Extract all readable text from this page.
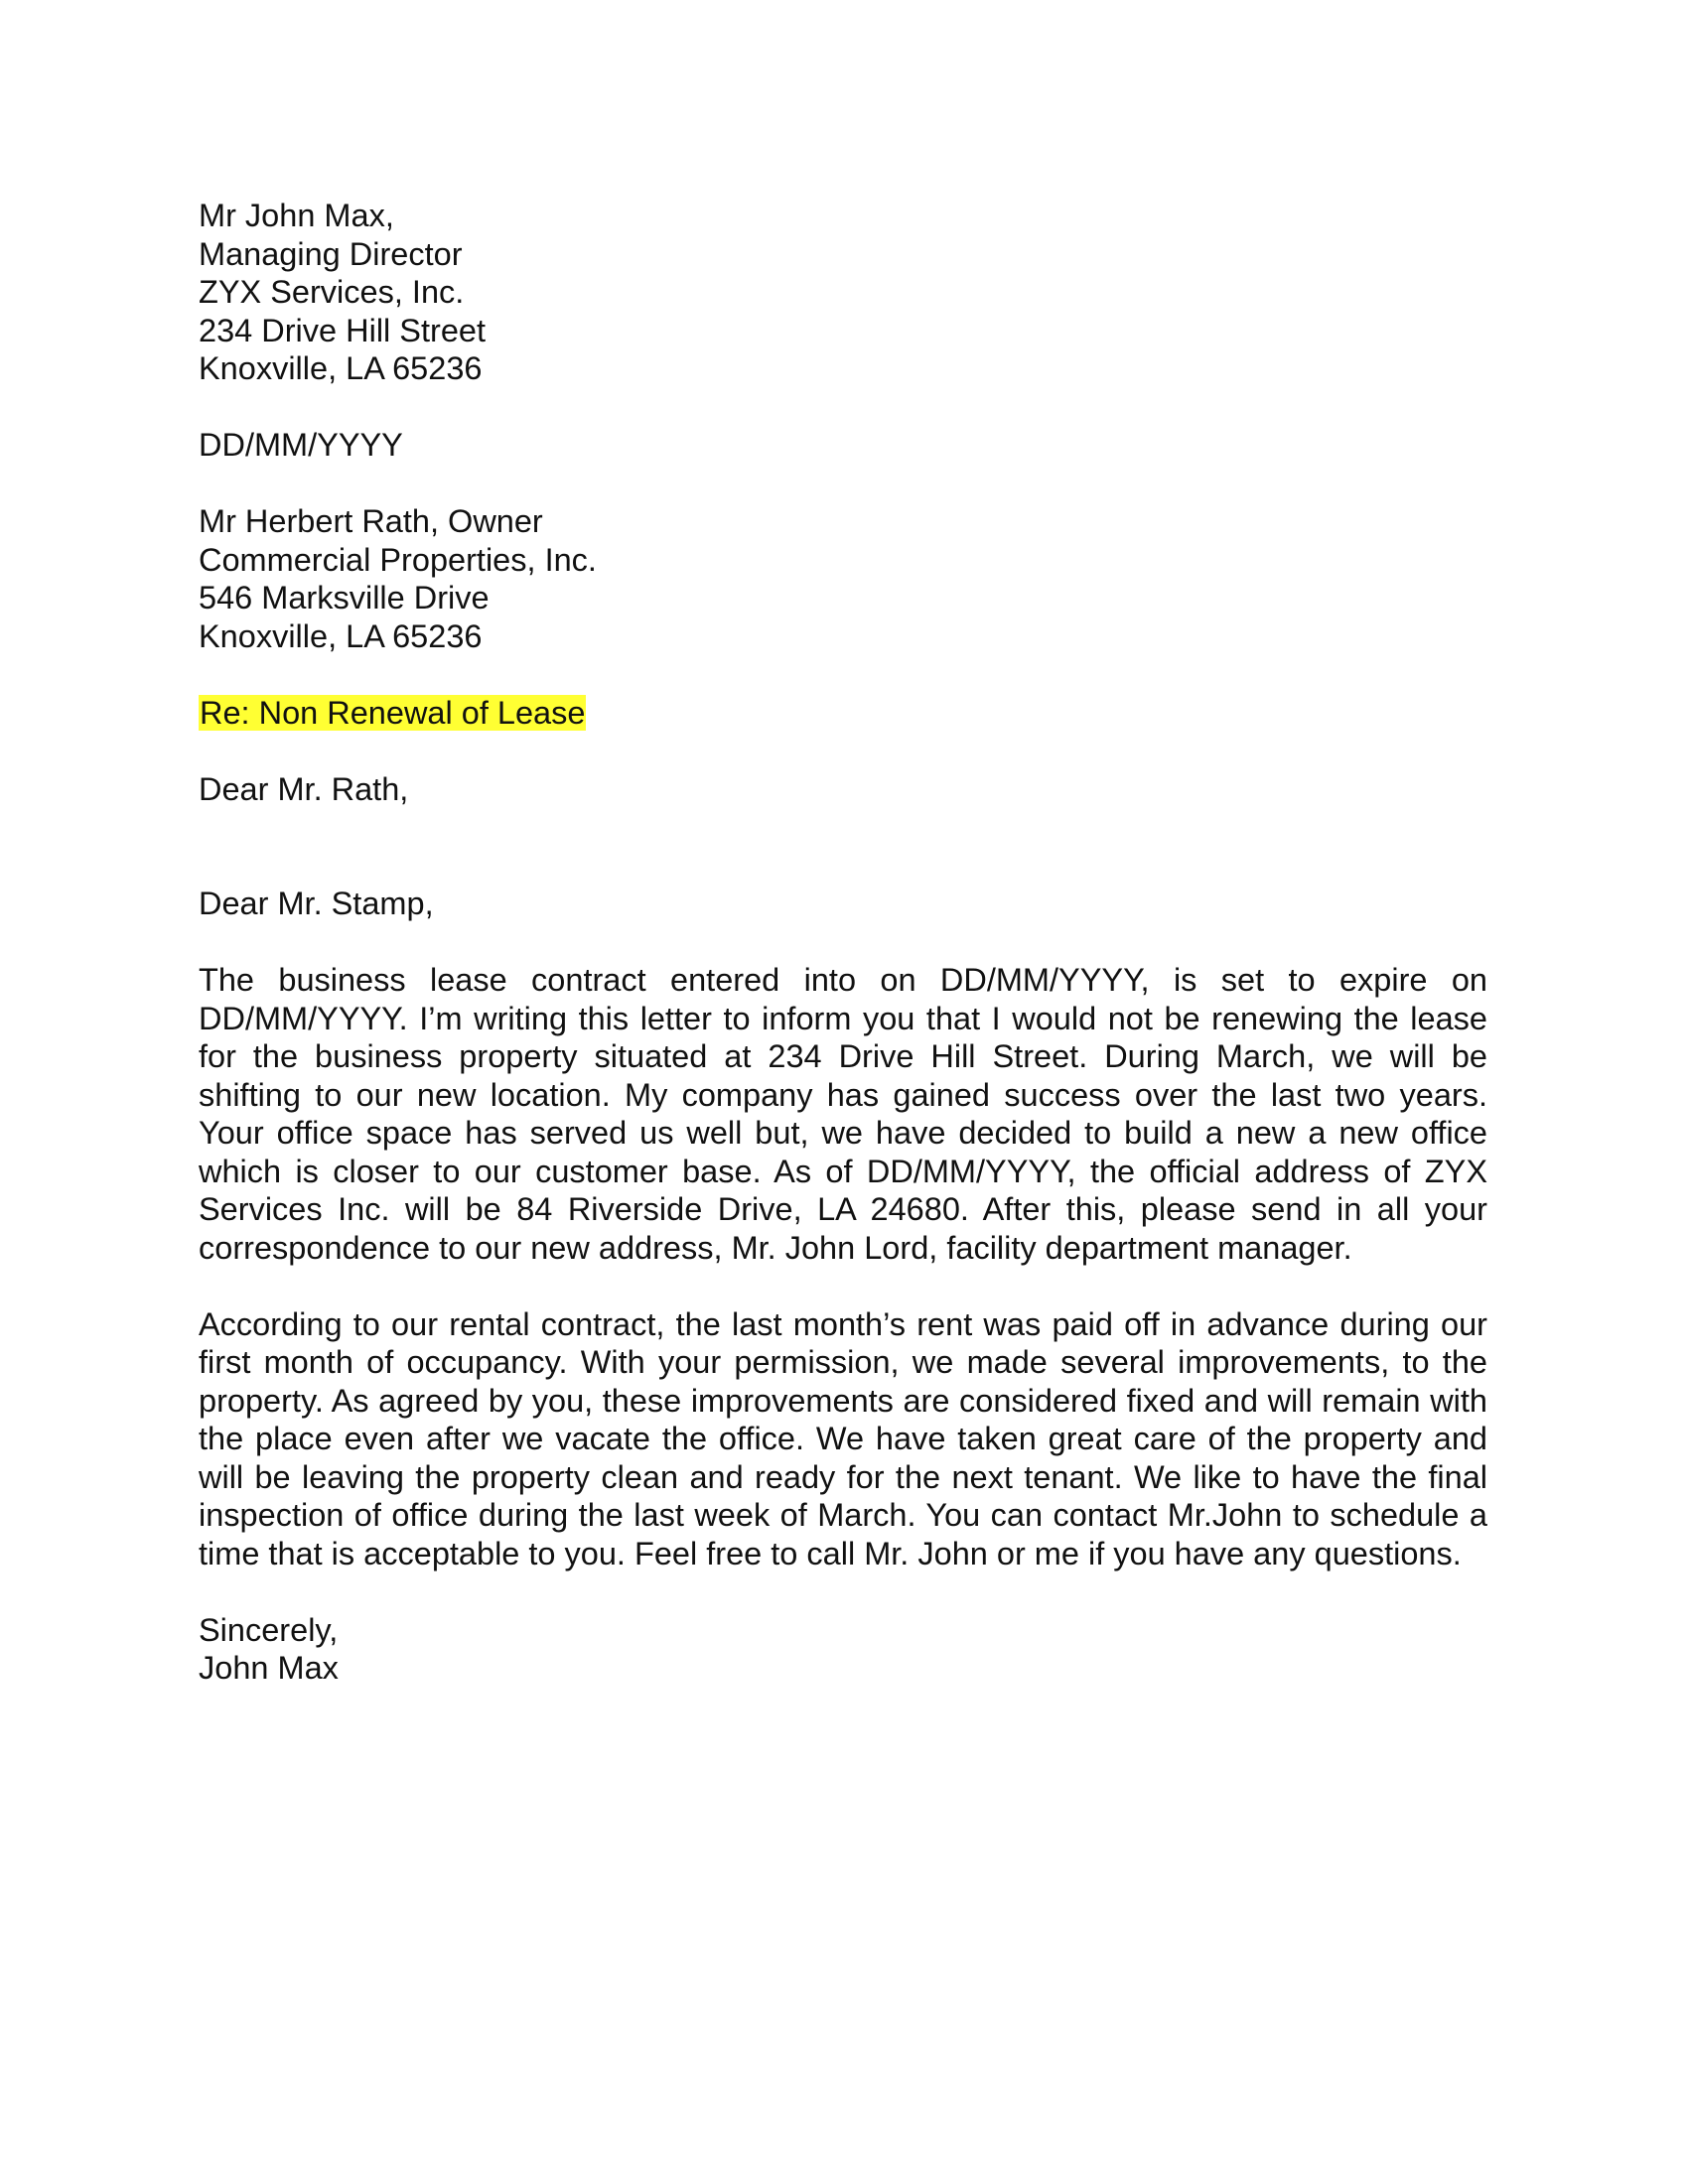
Mr John Max,
Managing Director
ZYX Services, Inc.
234 Drive Hill Street
Knoxville, LA 65236
DD/MM/YYYY
Mr Herbert Rath, Owner
Commercial Properties, Inc.
546 Marksville Drive
Knoxville, LA 65236
Re: Non Renewal of Lease
Dear Mr. Rath,
Dear Mr. Stamp,

The business lease contract entered into on DD/MM/YYYY, is set to expire on DD/MM/YYYY. I’m writing this letter to inform you that I would not be renewing the lease for the business property situated at 234 Drive Hill Street. During March, we will be shifting to our new location. My company has gained success over the last two years. Your office space has served us well but, we have decided to build a new a new office which is closer to our customer base. As of DD/MM/YYYY, the official address of ZYX Services Inc. will be 84 Riverside Drive, LA 24680. After this, please send in all your correspondence to our new address, Mr. John Lord, facility department manager.

According to our rental contract, the last month’s rent was paid off in advance during our first month of occupancy. With your permission, we made several improvements, to the property. As agreed by you, these improvements are considered fixed and will remain with the place even after we vacate the office. We have taken great care of the property and will be leaving the property clean and ready for the next tenant. We like to have the final inspection of office during the last week of March. You can contact Mr.John to schedule a time that is acceptable to you. Feel free to call Mr. John or me if you have any questions.

Sincerely,
John Max
